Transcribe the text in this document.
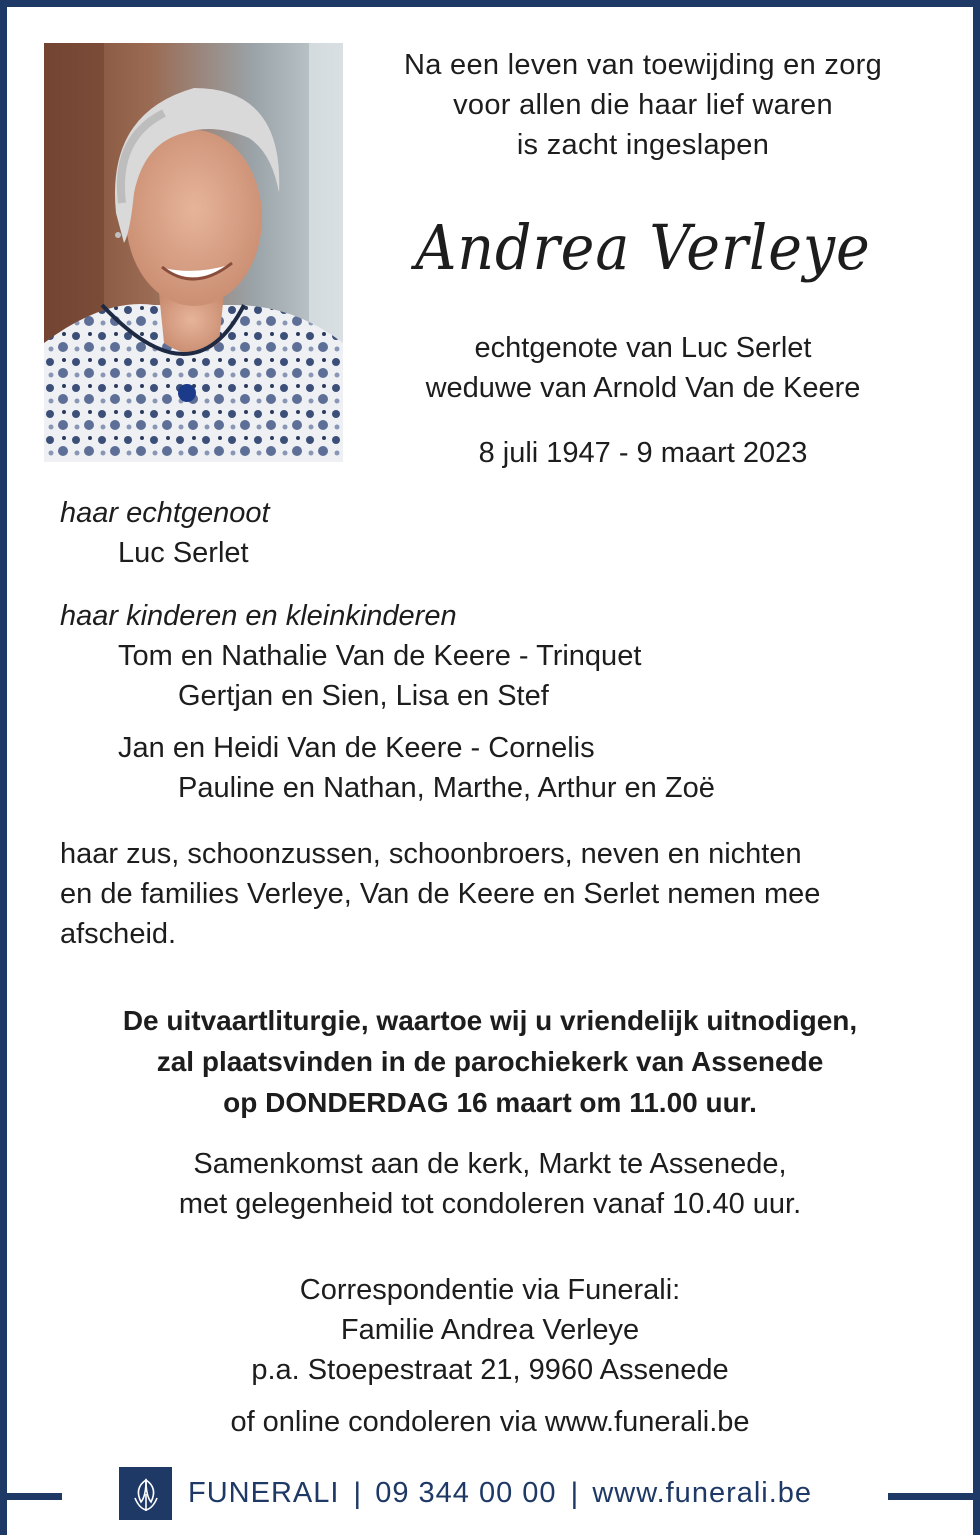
Na een leven van toewijding en zorg
voor allen die haar lief waren
is zacht ingeslapen
Andrea Verleye
echtgenote van Luc Serlet
weduwe van Arnold Van de Keere
8 juli 1947 - 9 maart 2023
haar echtgenoot
Luc Serlet
haar kinderen en kleinkinderen
Tom en Nathalie Van de Keere - Trinquet
Gertjan en Sien, Lisa en Stef
Jan en Heidi Van de Keere - Cornelis
Pauline en Nathan, Marthe, Arthur en Zoë
haar zus, schoonzussen, schoonbroers, neven en nichten
en de families Verleye, Van de Keere en Serlet nemen mee
afscheid.
De uitvaartliturgie, waartoe wij u vriendelijk uitnodigen,
zal plaatsvinden in de parochiekerk van Assenede
op DONDERDAG 16 maart om 11.00 uur.
Samenkomst aan de kerk, Markt te Assenede,
met gelegenheid tot condoleren vanaf 10.40 uur.
Correspondentie via Funerali:
Familie Andrea Verleye
p.a. Stoepestraat 21, 9960 Assenede
of online condoleren via www.funerali.be
FUNERALI | 09 344 00 00 | www.funerali.be
